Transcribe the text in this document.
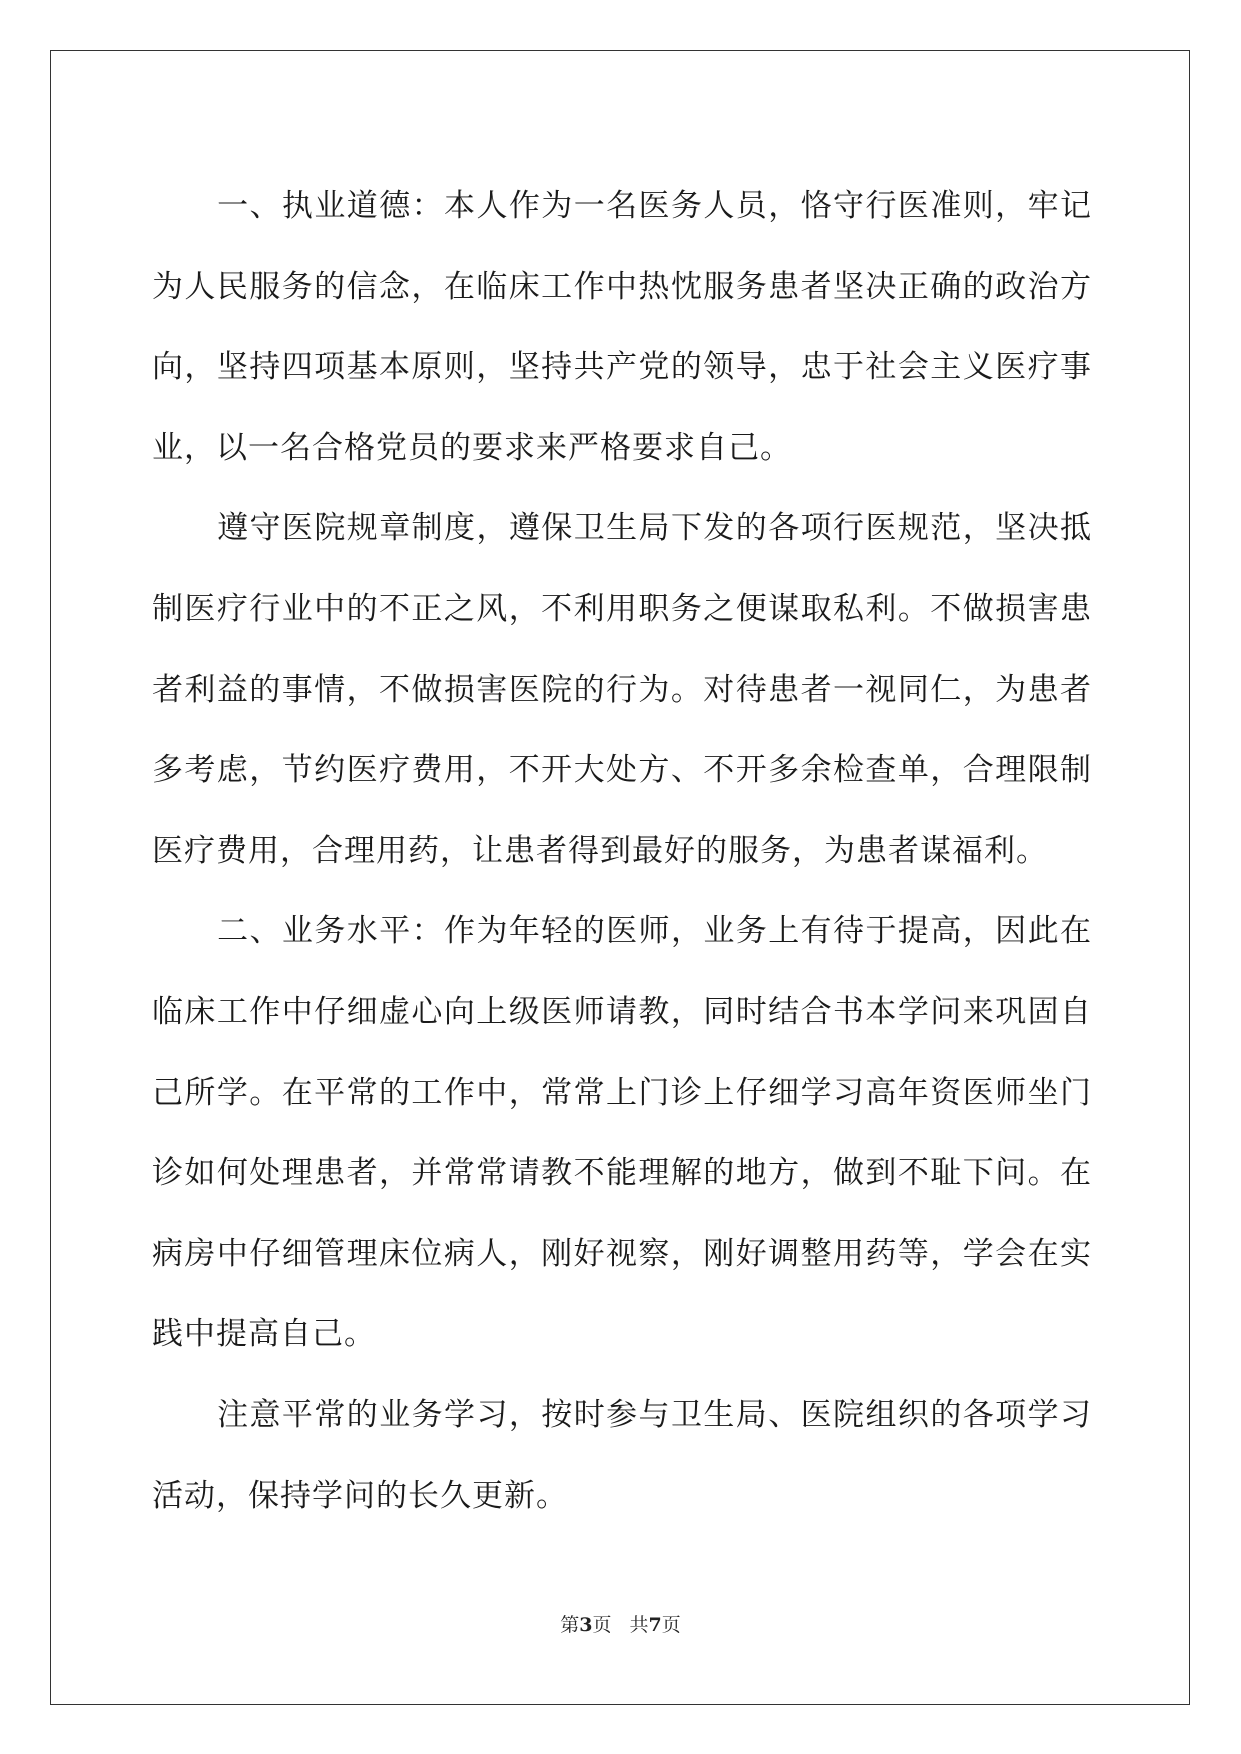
一、执业道德：本人作为一名医务人员，恪守行医准则，牢记为人民服务的信念，在临床工作中热忱服务患者坚决正确的政治方向，坚持四项基本原则，坚持共产党的领导，忠于社会主义医疗事业，以一名合格党员的要求来严格要求自己。

遵守医院规章制度，遵保卫生局下发的各项行医规范，坚决抵制医疗行业中的不正之风，不利用职务之便谋取私利。不做损害患者利益的事情，不做损害医院的行为。对待患者一视同仁，为患者多考虑，节约医疗费用，不开大处方、不开多余检查单，合理限制医疗费用，合理用药，让患者得到最好的服务，为患者谋福利。

二、业务水平：作为年轻的医师，业务上有待于提高，因此在临床工作中仔细虚心向上级医师请教，同时结合书本学问来巩固自己所学。在平常的工作中，常常上门诊上仔细学习高年资医师坐门诊如何处理患者，并常常请教不能理解的地方，做到不耻下问。在病房中仔细管理床位病人，刚好视察，刚好调整用药等，学会在实践中提高自己。

注意平常的业务学习，按时参与卫生局、医院组织的各项学习活动，保持学问的长久更新。

第3页 共7页
